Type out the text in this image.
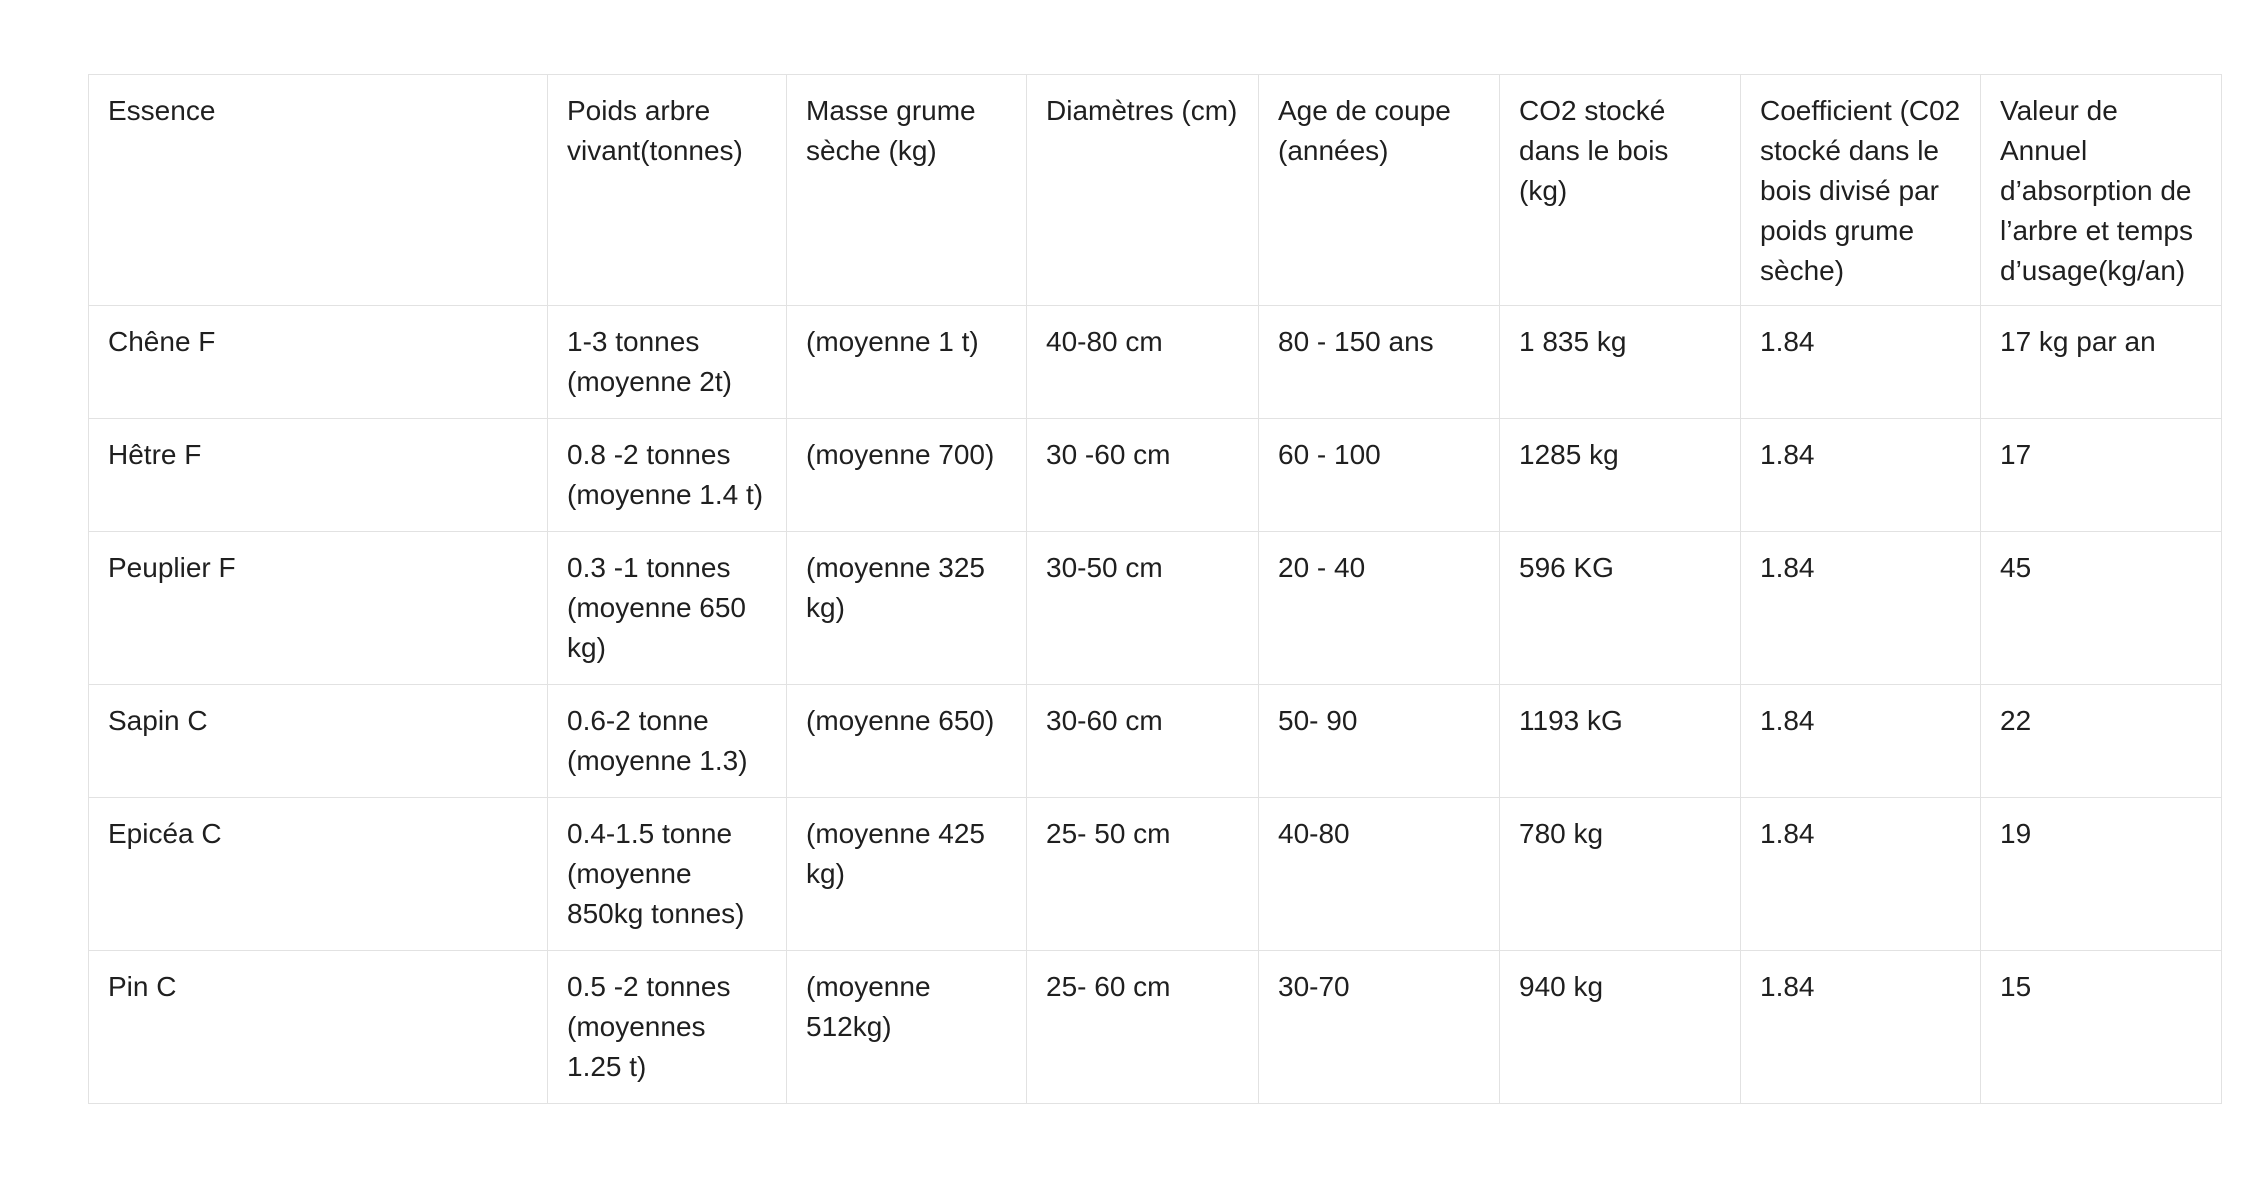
Essence	Poids arbre vivant(tonnes)	Masse grume sèche (kg)	Diamètres (cm)	Age de coupe (années)	CO2 stocké dans le bois (kg)	Coefficient (C02 stocké dans le bois divisé par poids grume sèche)	Valeur de Annuel d’absorption de l’arbre et temps d’usage(kg/an)
Chêne F	1-3 tonnes (moyenne 2t)	(moyenne 1 t)	40-80 cm	80 - 150 ans	1 835 kg	1.84	17 kg par an
Hêtre F	0.8 -2 tonnes (moyenne 1.4 t)	(moyenne 700)	30 -60 cm	60 - 100	1285 kg	1.84	17
Peuplier F	0.3 -1 tonnes (moyenne 650 kg)	(moyenne 325 kg)	30-50 cm	20 - 40	596 KG	1.84	45
Sapin C	0.6-2 tonne (moyenne 1.3)	(moyenne 650)	30-60 cm	50- 90	1193 kG	1.84	22
Epicéa C	0.4-1.5 tonne (moyenne 850kg tonnes)	(moyenne 425 kg)	25- 50 cm	40-80	780 kg	1.84	19
Pin C	0.5 -2 tonnes (moyennes 1.25 t)	(moyenne 512kg)	25- 60 cm	30-70	940 kg	1.84	15
